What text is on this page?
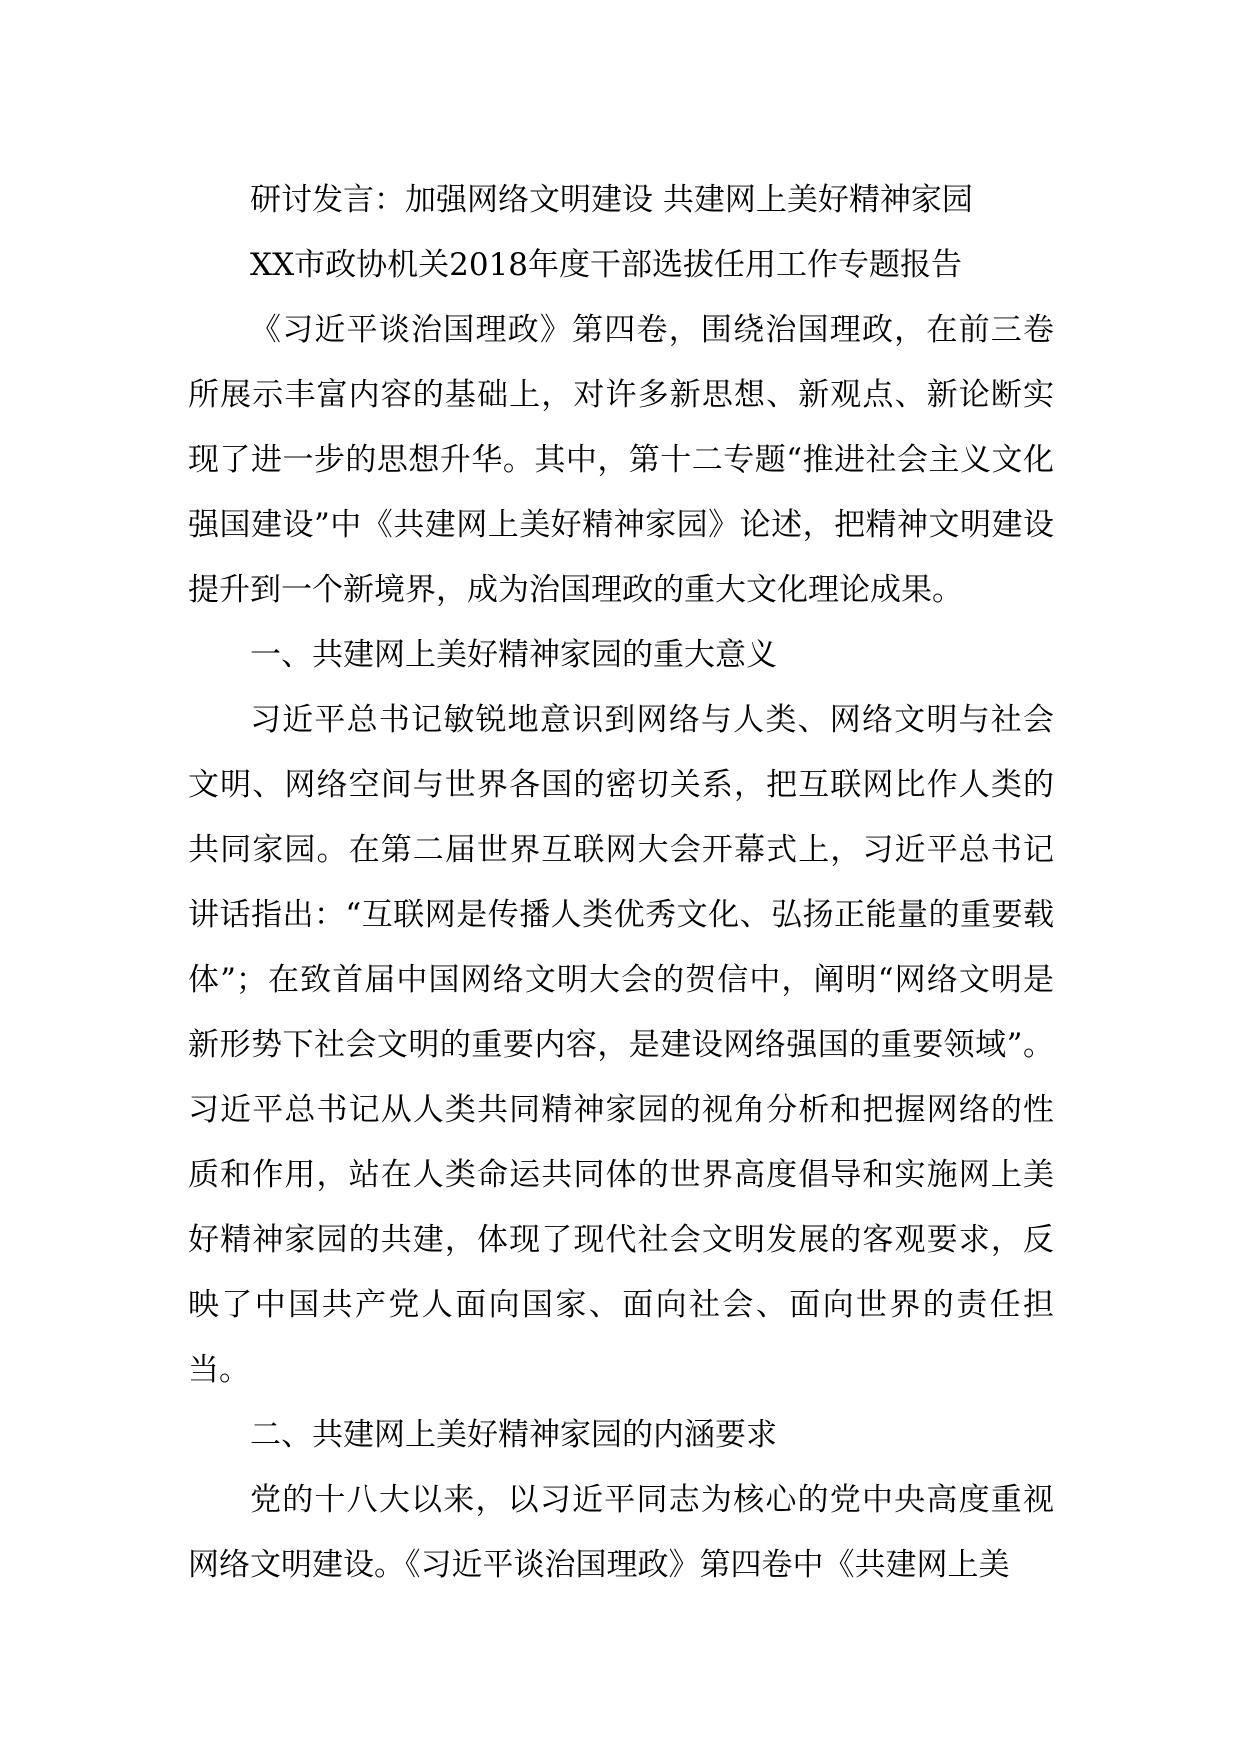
研讨发言：加强网络文明建设 共建网上美好精神家园

XX市政协机关2018年度干部选拔任用工作专题报告

《习近平谈治国理政》第四卷，围绕治国理政，在前三卷所展示丰富内容的基础上，对许多新思想、新观点、新论断实现了进一步的思想升华。其中，第十二专题“推进社会主义文化强国建设”中《共建网上美好精神家园》论述，把精神文明建设提升到一个新境界，成为治国理政的重大文化理论成果。

一、共建网上美好精神家园的重大意义

习近平总书记敏锐地意识到网络与人类、网络文明与社会文明、网络空间与世界各国的密切关系，把互联网比作人类的共同家园。在第二届世界互联网大会开幕式上，习近平总书记讲话指出：“互联网是传播人类优秀文化、弘扬正能量的重要载体”；在致首届中国网络文明大会的贺信中，阐明“网络文明是新形势下社会文明的重要内容，是建设网络强国的重要领域”。习近平总书记从人类共同精神家园的视角分析和把握网络的性质和作用，站在人类命运共同体的世界高度倡导和实施网上美好精神家园的共建，体现了现代社会文明发展的客观要求，反映了中国共产党人面向国家、面向社会、面向世界的责任担当。

二、共建网上美好精神家园的内涵要求

党的十八大以来，以习近平同志为核心的党中央高度重视网络文明建设。《习近平谈治国理政》第四卷中《共建网上美
